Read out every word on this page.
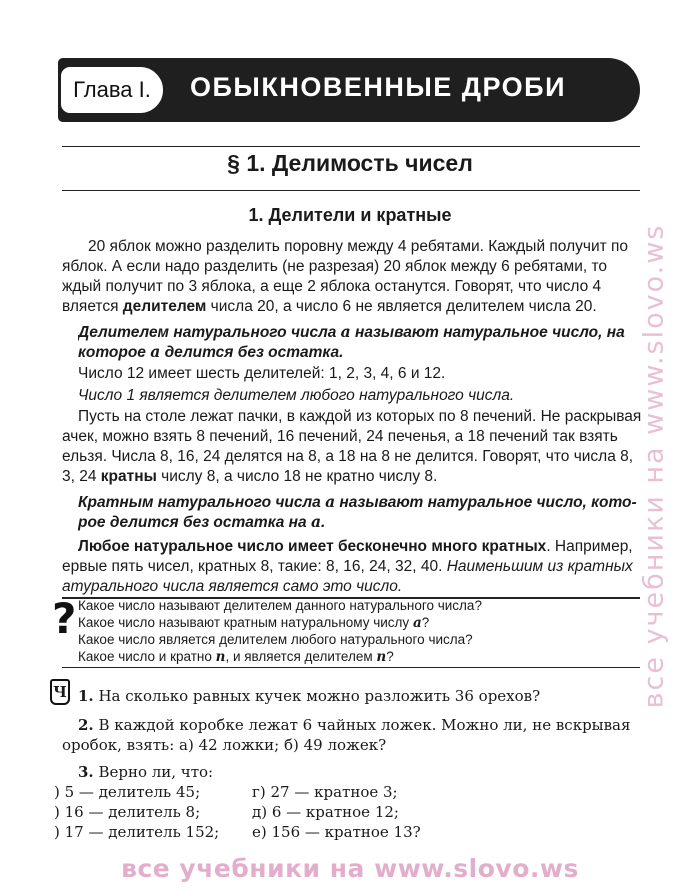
Глава I.	ОБЫКНОВЕННЫЕ ДРОБИ
§ 1. Делимость чисел
1. Делители и кратные
20 яблок можно разделить поровну между 4 ребятами. Каждый получит по
яблок. А если надо разделить (не разрезая) 20 яблок между 6 ребятами, то
ждый получит по 3 яблока, а еще 2 яблока останутся. Говорят, что число 4
вляется делителем числа 20, а число 6 не является делителем числа 20.
Делителем натурального числа a называют натуральное число, на
которое a делится без остатка.
Число 12 имеет шесть делителей: 1, 2, 3, 4, 6 и 12.
Число 1 является делителем любого натурального числа.
Пусть на столе лежат пачки, в каждой из которых по 8 печений. Не раскрывая
ачек, можно взять 8 печений, 16 печений, 24 печенья, а 18 печений так взять
ельзя. Числа 8, 16, 24 делятся на 8, а 18 на 8 не делится. Говорят, что числа 8,
3, 24 кратны числу 8, а число 18 не кратно числу 8.
Кратным натурального числа a называют натуральное число, кото-
рое делится без остатка на a.
Любое натуральное число имеет бесконечно много кратных. Например,
ервые пять чисел, кратных 8, такие: 8, 16, 24, 32, 40. Наименьшим из кратных
атурального числа является само это число.
? Какое число называют делителем данного натурального числа?
Какое число называют кратным натуральному числу a?
Какое число является делителем любого натурального числа?
Какое число и кратно n, и является делителем n?
Ч 1. На сколько равных кучек можно разложить 36 орехов?
2. В каждой коробке лежат 6 чайных ложек. Можно ли, не вскрывая
оробок, взять: а) 42 ложки; б) 49 ложек?
3. Верно ли, что:
) 5 — делитель 45;	г) 27 — кратное 3;
) 16 — делитель 8;	д) 6 — кратное 12;
) 17 — делитель 152; е) 156 — кратное 13?
все учебники на www.slovo.ws
все учебники на www.slovo.ws
